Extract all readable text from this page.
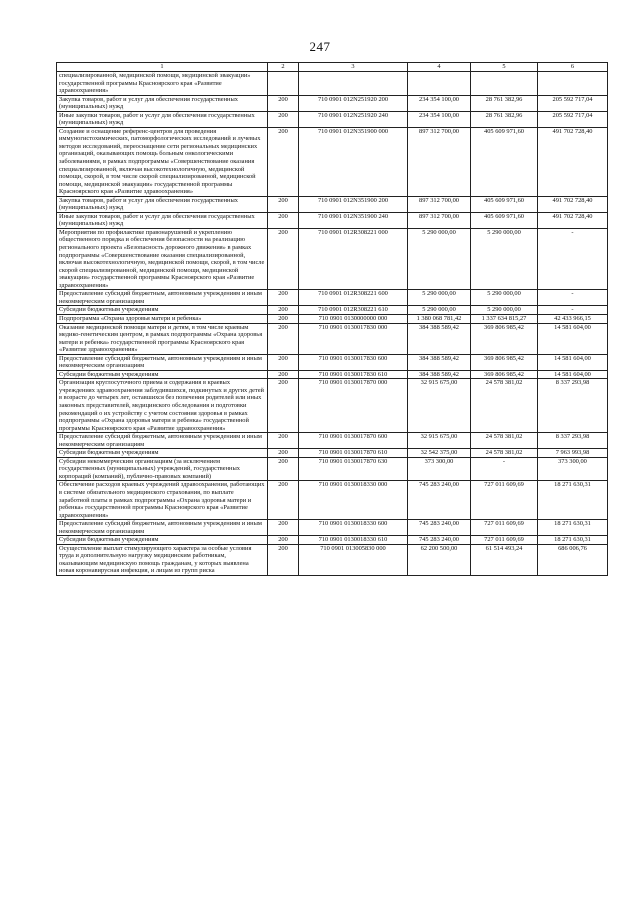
247
1	2	3	4	5	6
специализированной, медицинской помощи, медицинской эвакуации» государственной программы Красноярского края «Развитие здравоохранения»					
Закупка товаров, работ и услуг для обеспечения государственных (муниципальных) нужд	200	710 0901 012N251920 200	234 354 100,00	28 761 382,96	205 592 717,04
Иные закупки товаров, работ и услуг для обеспечения государственных (муниципальных) нужд	200	710 0901 012N251920 240	234 354 100,00	28 761 382,96	205 592 717,04
Создание и оснащение референс-центров для проведения иммуногистохимических, патоморфологических исследований и лучевых методов исследований, переоснащение сети региональных медицинских организаций, оказывающих помощь больным онкологическими заболеваниями, в рамках подпрограммы «Совершенствование оказания специализированной, включая высокотехнологичную, медицинской помощи, скорой, в том числе скорой специализированной, медицинской помощи, медицинской эвакуации» государственной программы Красноярского края «Развитие здравоохранения»	200	710 0901 012N351900 000	897 312 700,00	405 609 971,60	491 702 728,40
Закупка товаров, работ и услуг для обеспечения государственных (муниципальных) нужд	200	710 0901 012N351900 200	897 312 700,00	405 609 971,60	491 702 728,40
Иные закупки товаров, работ и услуг для обеспечения государственных (муниципальных) нужд	200	710 0901 012N351900 240	897 312 700,00	405 609 971,60	491 702 728,40
Мероприятия по профилактике правонарушений и укреплению общественного порядка и обеспечения безопасности на реализацию регионального проекта «Безопасность дорожного движения» в рамках подпрограммы «Совершенствование оказания специализированной, включая высокотехнологичную, медицинской помощи, скорой, в том числе скорой специализированной, медицинской помощи, медицинской эвакуации» государственной программы Красноярского края «Развитие здравоохранения»	200	710 0901 012R308221 000	5 290 000,00	5 290 000,00	-
Предоставление субсидий бюджетным, автономным учреждениям и иным некоммерческим организациям	200	710 0901 012R308221 600	5 290 000,00	5 290 000,00	-
Субсидии бюджетным учреждениям	200	710 0901 012R308221 610	5 290 000,00	5 290 000,00	-
Подпрограмма «Охрана здоровья матери и ребенка»	200	710 0901 0130000000 000	1 380 068 781,42	1 337 634 815,27	42 433 966,15
Оказание медицинской помощи матери и детям, в том числе краевым медико-генетическим центром, в рамках подпрограммы «Охрана здоровья матери и ребенка» государственной программы Красноярского края «Развитие здравоохранения»	200	710 0901 0130017830 000	384 388 589,42	369 806 985,42	14 581 604,00
Предоставление субсидий бюджетным, автономным учреждениям и иным некоммерческим организациям	200	710 0901 0130017830 600	384 388 589,42	369 806 985,42	14 581 604,00
Субсидии бюджетным учреждениям	200	710 0901 0130017830 610	384 388 589,42	369 806 985,42	14 581 604,00
Организация круглосуточного приема и содержания в краевых учреждениях здравоохранения заблудившихся, подкинутых и других детей в возрасте до четырех лет, оставшихся без попечения родителей или иных законных представителей, медицинского обследования и подготовки рекомендаций о их устройству с учетом состояния здоровья в рамках подпрограммы «Охрана здоровья матери и ребенка» государственной программы Красноярского края «Развитие здравоохранения»	200	710 0901 0130017870 000	32 915 675,00	24 578 381,02	8 337 293,98
Предоставление субсидий бюджетным, автономным учреждениям и иным некоммерческим организациям	200	710 0901 0130017870 600	32 915 675,00	24 578 381,02	8 337 293,98
Субсидии бюджетным учреждениям	200	710 0901 0130017870 610	32 542 375,00	24 578 381,02	7 963 993,98
Субсидии некоммерческим организациям (за исключением государственных (муниципальных) учреждений, государственных корпораций (компаний), публично-правовых компаний)	200	710 0901 0130017870 630	373 300,00	-	373 300,00
Обеспечение расходов краевых учреждений здравоохранения, работающих в системе обязательного медицинского страхования, по выплате заработной платы в рамках подпрограммы «Охрана здоровья матери и ребенка» государственной программы Красноярского края «Развитие здравоохранения»	200	710 0901 0130018330 000	745 283 240,00	727 011 609,69	18 271 630,31
Предоставление субсидий бюджетным, автономным учреждениям и иным некоммерческим организациям	200	710 0901 0130018330 600	745 283 240,00	727 011 609,69	18 271 630,31
Субсидии бюджетным учреждениям	200	710 0901 0130018330 610	745 283 240,00	727 011 609,69	18 271 630,31
Осуществление выплат стимулирующего характера за особые условия труда и дополнительную нагрузку медицинским работникам, оказывающим медицинскую помощь гражданам, у которых выявлена новая коронавирусная инфекция, и лицам из групп риска	200	710 0901 013005830 000	62 200 500,00	61 514 493,24	686 006,76
